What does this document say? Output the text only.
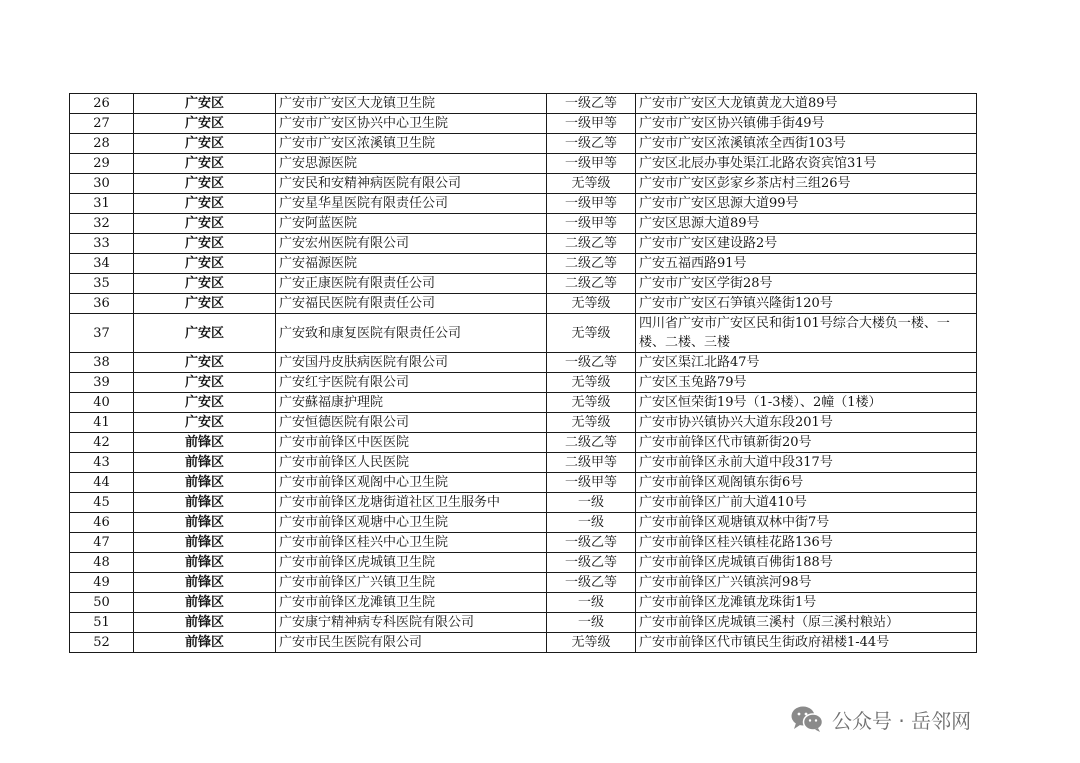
26	广安区	广安市广安区大龙镇卫生院	一级乙等	广安市广安区大龙镇黄龙大道89号
27	广安区	广安市广安区协兴中心卫生院	一级甲等	广安市广安区协兴镇佛手街49号
28	广安区	广安市广安区浓溪镇卫生院	一级乙等	广安市广安区浓溪镇浓全西街103号
29	广安区	广安思源医院	一级甲等	广安区北辰办事处渠江北路农资宾馆31号
30	广安区	广安民和安精神病医院有限公司	无等级	广安市广安区彭家乡茶店村三组26号
31	广安区	广安星华星医院有限责任公司	一级甲等	广安市广安区思源大道99号
32	广安区	广安阿蓝医院	一级甲等	广安区思源大道89号
33	广安区	广安宏州医院有限公司	二级乙等	广安市广安区建设路2号
34	广安区	广安福源医院	二级乙等	广安五福西路91号
35	广安区	广安正康医院有限责任公司	二级乙等	广安市广安区学街28号
36	广安区	广安福民医院有限责任公司	无等级	广安市广安区石笋镇兴隆街120号
37	广安区	广安致和康复医院有限责任公司	无等级	四川省广安市广安区民和街101号综合大楼负一楼、一楼、二楼、三楼
38	广安区	广安国丹皮肤病医院有限公司	一级乙等	广安区渠江北路47号
39	广安区	广安红宇医院有限公司	无等级	广安区玉兔路79号
40	广安区	广安蘇福康护理院	无等级	广安区恒荣街19号（1-3楼）、2幢（1楼）
41	广安区	广安恒德医院有限公司	无等级	广安市协兴镇协兴大道东段201号
42	前锋区	广安市前锋区中医医院	二级乙等	广安市前锋区代市镇新街20号
43	前锋区	广安市前锋区人民医院	二级甲等	广安市前锋区永前大道中段317号
44	前锋区	广安市前锋区观阁中心卫生院	一级甲等	广安市前锋区观阁镇东街6号
45	前锋区	广安市前锋区龙塘街道社区卫生服务中	一级	广安市前锋区广前大道410号
46	前锋区	广安市前锋区观塘中心卫生院	一级	广安市前锋区观塘镇双林中街7号
47	前锋区	广安市前锋区桂兴中心卫生院	一级乙等	广安市前锋区桂兴镇桂花路136号
48	前锋区	广安市前锋区虎城镇卫生院	一级乙等	广安市前锋区虎城镇百佛街188号
49	前锋区	广安市前锋区广兴镇卫生院	一级乙等	广安市前锋区广兴镇滨河98号
50	前锋区	广安市前锋区龙滩镇卫生院	一级	广安市前锋区龙滩镇龙珠街1号
51	前锋区	广安康宁精神病专科医院有限公司	一级	广安市前锋区虎城镇三溪村（原三溪村粮站）
52	前锋区	广安市民生医院有限公司	无等级	广安市前锋区代市镇民生街政府裙楼1-44号
公众号 · 岳邻网
